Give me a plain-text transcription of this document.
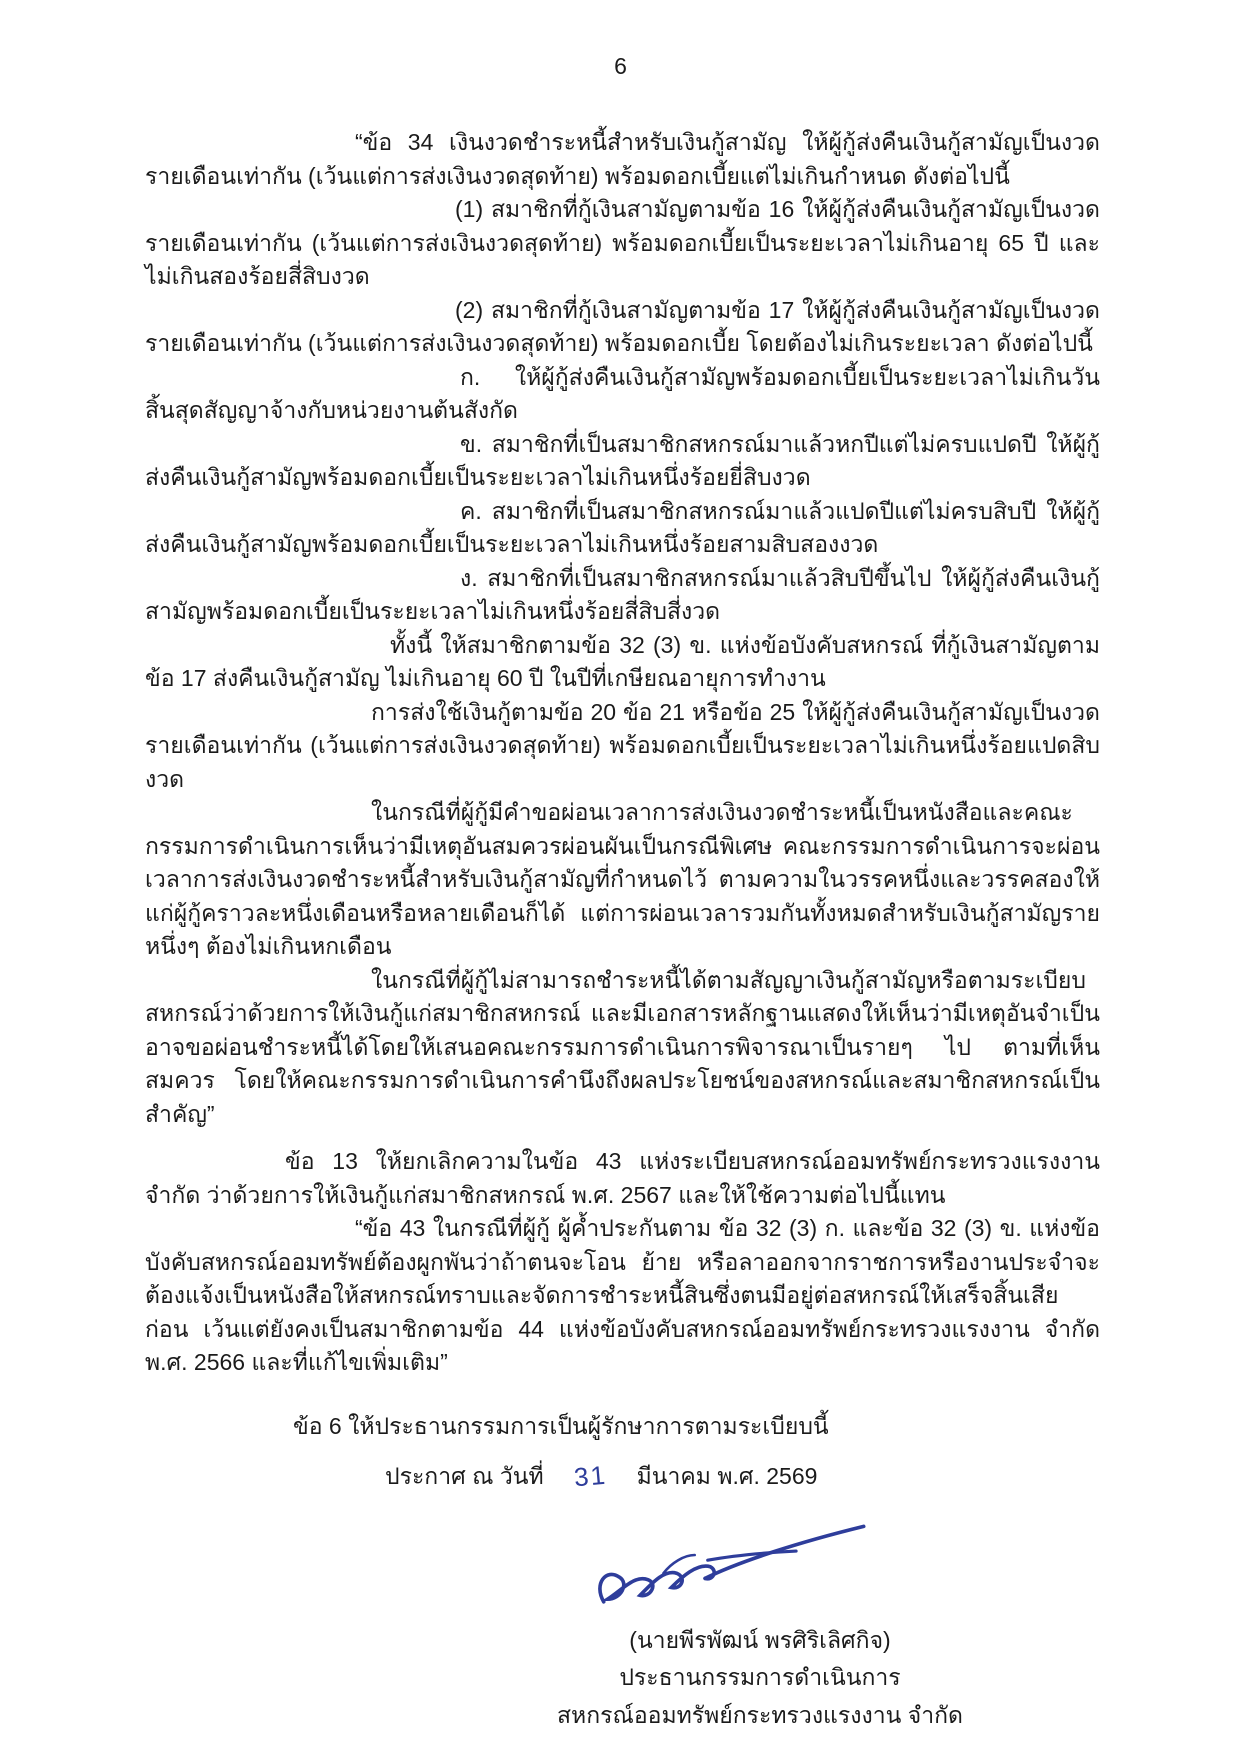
6

“ข้อ 34 เงินงวดชำระหนี้สำหรับเงินกู้สามัญ ให้ผู้กู้ส่งคืนเงินกู้สามัญเป็นงวดรายเดือนเท่ากัน (เว้นแต่การส่งเงินงวดสุดท้าย) พร้อมดอกเบี้ยแต่ไม่เกินกำหนด ดังต่อไปนี้

(1) สมาชิกที่กู้เงินสามัญตามข้อ 16 ให้ผู้กู้ส่งคืนเงินกู้สามัญเป็นงวดรายเดือนเท่ากัน (เว้นแต่การส่งเงินงวดสุดท้าย) พร้อมดอกเบี้ยเป็นระยะเวลาไม่เกินอายุ 65 ปี และไม่เกินสองร้อยสี่สิบงวด

(2) สมาชิกที่กู้เงินสามัญตามข้อ 17 ให้ผู้กู้ส่งคืนเงินกู้สามัญเป็นงวดรายเดือนเท่ากัน (เว้นแต่การส่งเงินงวดสุดท้าย) พร้อมดอกเบี้ย โดยต้องไม่เกินระยะเวลา ดังต่อไปนี้

ก. ให้ผู้กู้ส่งคืนเงินกู้สามัญพร้อมดอกเบี้ยเป็นระยะเวลาไม่เกินวันสิ้นสุดสัญญาจ้างกับหน่วยงานต้นสังกัด

ข. สมาชิกที่เป็นสมาชิกสหกรณ์มาแล้วหกปีแต่ไม่ครบแปดปี ให้ผู้กู้ส่งคืนเงินกู้สามัญพร้อมดอกเบี้ยเป็นระยะเวลาไม่เกินหนึ่งร้อยยี่สิบงวด

ค. สมาชิกที่เป็นสมาชิกสหกรณ์มาแล้วแปดปีแต่ไม่ครบสิบปี ให้ผู้กู้ส่งคืนเงินกู้สามัญพร้อมดอกเบี้ยเป็นระยะเวลาไม่เกินหนึ่งร้อยสามสิบสองงวด

ง. สมาชิกที่เป็นสมาชิกสหกรณ์มาแล้วสิบปีขึ้นไป ให้ผู้กู้ส่งคืนเงินกู้สามัญพร้อมดอกเบี้ยเป็นระยะเวลาไม่เกินหนึ่งร้อยสี่สิบสี่งวด

ทั้งนี้ ให้สมาชิกตามข้อ 32 (3) ข. แห่งข้อบังคับสหกรณ์ ที่กู้เงินสามัญตามข้อ 17 ส่งคืนเงินกู้สามัญ ไม่เกินอายุ 60 ปี ในปีที่เกษียณอายุการทำงาน

การส่งใช้เงินกู้ตามข้อ 20 ข้อ 21 หรือข้อ 25 ให้ผู้กู้ส่งคืนเงินกู้สามัญเป็นงวดรายเดือนเท่ากัน (เว้นแต่การส่งเงินงวดสุดท้าย) พร้อมดอกเบี้ยเป็นระยะเวลาไม่เกินหนึ่งร้อยแปดสิบงวด

ในกรณีที่ผู้กู้มีคำขอผ่อนเวลาการส่งเงินงวดชำระหนี้เป็นหนังสือและคณะกรรมการดำเนินการเห็นว่ามีเหตุอันสมควรผ่อนผันเป็นกรณีพิเศษ คณะกรรมการดำเนินการจะผ่อนเวลาการส่งเงินงวดชำระหนี้สำหรับเงินกู้สามัญที่กำหนดไว้ ตามความในวรรคหนึ่งและวรรคสองให้แก่ผู้กู้คราวละหนึ่งเดือนหรือหลายเดือนก็ได้ แต่การผ่อนเวลารวมกันทั้งหมดสำหรับเงินกู้สามัญรายหนึ่งๆ ต้องไม่เกินหกเดือน

ในกรณีที่ผู้กู้ไม่สามารถชำระหนี้ได้ตามสัญญาเงินกู้สามัญหรือตามระเบียบสหกรณ์ว่าด้วยการให้เงินกู้แก่สมาชิกสหกรณ์ และมีเอกสารหลักฐานแสดงให้เห็นว่ามีเหตุอันจำเป็น อาจขอผ่อนชำระหนี้ได้โดยให้เสนอคณะกรรมการดำเนินการพิจารณาเป็นรายๆ ไป ตามที่เห็นสมควร โดยให้คณะกรรมการดำเนินการคำนึงถึงผลประโยชน์ของสหกรณ์และสมาชิกสหกรณ์เป็นสำคัญ”

ข้อ 13 ให้ยกเลิกความในข้อ 43 แห่งระเบียบสหกรณ์ออมทรัพย์กระทรวงแรงงาน จำกัด ว่าด้วยการให้เงินกู้แก่สมาชิกสหกรณ์ พ.ศ. 2567 และให้ใช้ความต่อไปนี้แทน

“ข้อ 43 ในกรณีที่ผู้กู้ ผู้ค้ำประกันตาม ข้อ 32 (3) ก. และข้อ 32 (3) ข. แห่งข้อบังคับสหกรณ์ออมทรัพย์ต้องผูกพันว่าถ้าตนจะโอน ย้าย หรือลาออกจากราชการหรืองานประจำจะต้องแจ้งเป็นหนังสือให้สหกรณ์ทราบและจัดการชำระหนี้สินซึ่งตนมีอยู่ต่อสหกรณ์ให้เสร็จสิ้นเสียก่อน เว้นแต่ยังคงเป็นสมาชิกตามข้อ 44 แห่งข้อบังคับสหกรณ์ออมทรัพย์กระทรวงแรงงาน จำกัด พ.ศ. 2566 และที่แก้ไขเพิ่มเติม”

ข้อ 6 ให้ประธานกรรมการเป็นผู้รักษาการตามระเบียบนี้

ประกาศ ณ วันที่ 31 มีนาคม พ.ศ. 2569
(นายพีรพัฒน์ พรศิริเลิศกิจ)
ประธานกรรมการดำเนินการ
สหกรณ์ออมทรัพย์กระทรวงแรงงาน จำกัด
